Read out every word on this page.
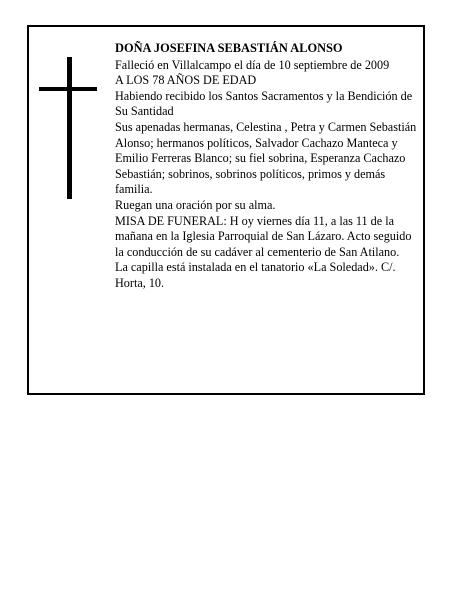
DOÑA JOSEFINA SEBASTIÁN ALONSO

Falleció en Villalcampo el día de 10 septiembre de 2009

A LOS 78 AÑOS DE EDAD

Habiendo recibido los Santos Sacramentos y la Bendición de Su Santidad

Sus apenadas hermanas, Celestina , Petra y Carmen Sebastián Alonso; hermanos políticos, Salvador Cachazo Manteca y Emilio Ferreras Blanco; su fiel sobrina, Esperanza Cachazo Sebastián; sobrinos, sobrinos políticos, primos y demás familia.

Ruegan una oración por su alma.

MISA DE FUNERAL: H oy viernes día 11, a las 11 de la mañana en la Iglesia Parroquial de San Lázaro. Acto seguido la conducción de su cadáver al cementerio de San Atilano.

La capilla está instalada en el tanatorio «La Soledad». C/. Horta, 10.
